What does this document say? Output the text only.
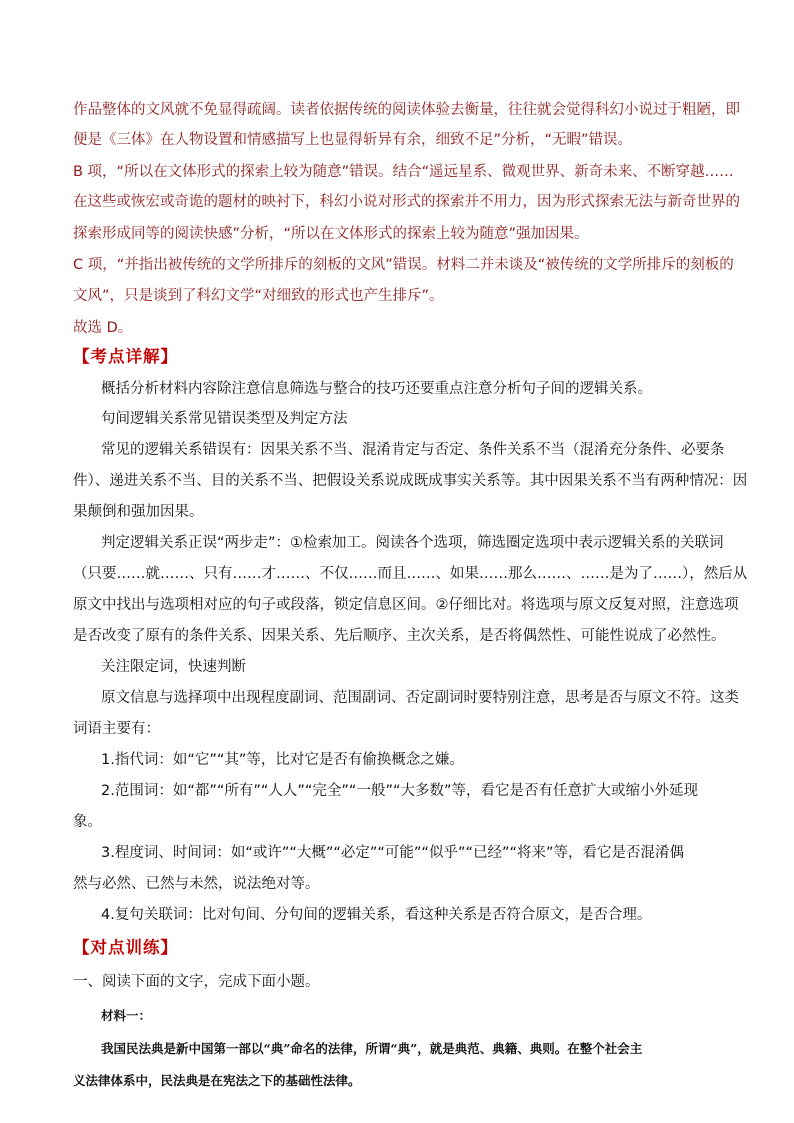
作品整体的文风就不免显得疏阔。读者依据传统的阅读体验去衡量，往往就会觉得科幻小说过于粗陋，即

便是《三体》在人物设置和情感描写上也显得斩异有余，细致不足”分析，“无暇”错误。

B 项，“所以在文体形式的探索上较为随意”错误。结合“遥远星系、微观世界、新奇未来、不断穿越……

在这些或恢宏或奇诡的题材的映衬下，科幻小说对形式的探索并不用力，因为形式探索无法与新奇世界的

探索形成同等的阅读快感”分析，“所以在文体形式的探索上较为随意”强加因果。

C 项，“并指出被传统的文学所排斥的刻板的文风”错误。材料二并未谈及“被传统的文学所排斥的刻板的

文风”，只是谈到了科幻文学“对细致的形式也产生排斥”。

故选 D。

【考点详解】

概括分析材料内容除注意信息筛选与整合的技巧还要重点注意分析句子间的逻辑关系。

句间逻辑关系常见错误类型及判定方法

常见的逻辑关系错误有：因果关系不当、混淆肯定与否定、条件关系不当（混淆充分条件、必要条

件）、递进关系不当、目的关系不当、把假设关系说成既成事实关系等。其中因果关系不当有两种情况：因

果颠倒和强加因果。

判定逻辑关系正误“两步走”：①检索加工。阅读各个选项，筛选圈定选项中表示逻辑关系的关联词

（只要……就……、只有……才……、不仅……而且……、如果……那么……、……是为了……），然后从

原文中找出与选项相对应的句子或段落，锁定信息区间。②仔细比对。将选项与原文反复对照，注意选项

是否改变了原有的条件关系、因果关系、先后顺序、主次关系，是否将偶然性、可能性说成了必然性。

关注限定词，快速判断

原文信息与选择项中出现程度副词、范围副词、否定副词时要特别注意，思考是否与原文不符。这类

词语主要有：

1.指代词：如“它”“其”等，比对它是否有偷换概念之嫌。

2.范围词：如“都”“所有”“人人”“完全”“一般”“大多数”等，看它是否有任意扩大或缩小外延现

象。

3.程度词、时间词：如“或许”“大概”“必定”“可能”“似乎”“已经”“将来”等，看它是否混淆偶

然与必然、已然与未然，说法绝对等。

4.复句关联词：比对句间、分句间的逻辑关系，看这种关系是否符合原文，是否合理。

【对点训练】

一、阅读下面的文字，完成下面小题。

材料一：

我国民法典是新中国第一部以“典”命名的法律，所谓“典”，就是典范、典籍、典则。在整个社会主

义法律体系中，民法典是在宪法之下的基础性法律。
